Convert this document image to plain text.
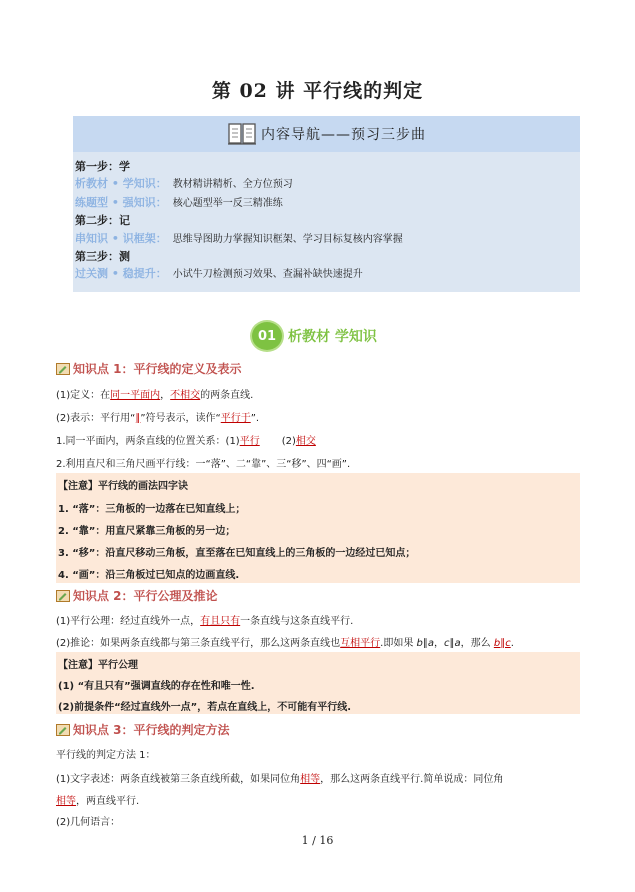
第 02 讲 平行线的判定
内容导航——预习三步曲
第一步：学
析教材 • 学知识： 教材精讲精析、全方位预习
练题型 • 强知识： 核心题型举一反三精准练
第二步：记
串知识 • 识框架： 思维导图助力掌握知识框架、学习目标复核内容掌握
第三步：测
过关测 • 稳提升： 小试牛刀检测预习效果、查漏补缺快速提升
01 析教材 学知识
知识点 1：平行线的定义及表示
(1)定义：在同一平面内，不相交的两条直线.
(2)表示：平行用“∥”符号表示，读作“平行于”.
1.同一平面内，两条直线的位置关系：(1)平行 (2)相交
2.利用直尺和三角尺画平行线：一“落”、二“靠”、三“移”、四“画”.
【注意】平行线的画法四字诀
1. “落”：三角板的一边落在已知直线上；
2. “靠”：用直尺紧靠三角板的另一边；
3. “移”：沿直尺移动三角板，直至落在已知直线上的三角板的一边经过已知点；
4. “画”：沿三角板过已知点的边画直线.
知识点 2：平行公理及推论
(1)平行公理：经过直线外一点，有且只有一条直线与这条直线平行.
(2)推论：如果两条直线都与第三条直线平行，那么这两条直线也互相平行.即如果 b∥a，c∥a，那么 b∥c.
【注意】平行公理
(1) “有且只有”强调直线的存在性和唯一性.
(2)前提条件“经过直线外一点”，若点在直线上，不可能有平行线.
知识点 3：平行线的判定方法
平行线的判定方法 1：
(1)文字表述：两条直线被第三条直线所截，如果同位角相等，那么这两条直线平行.简单说成：同位角
相等，两直线平行.
(2)几何语言：
1 / 16
